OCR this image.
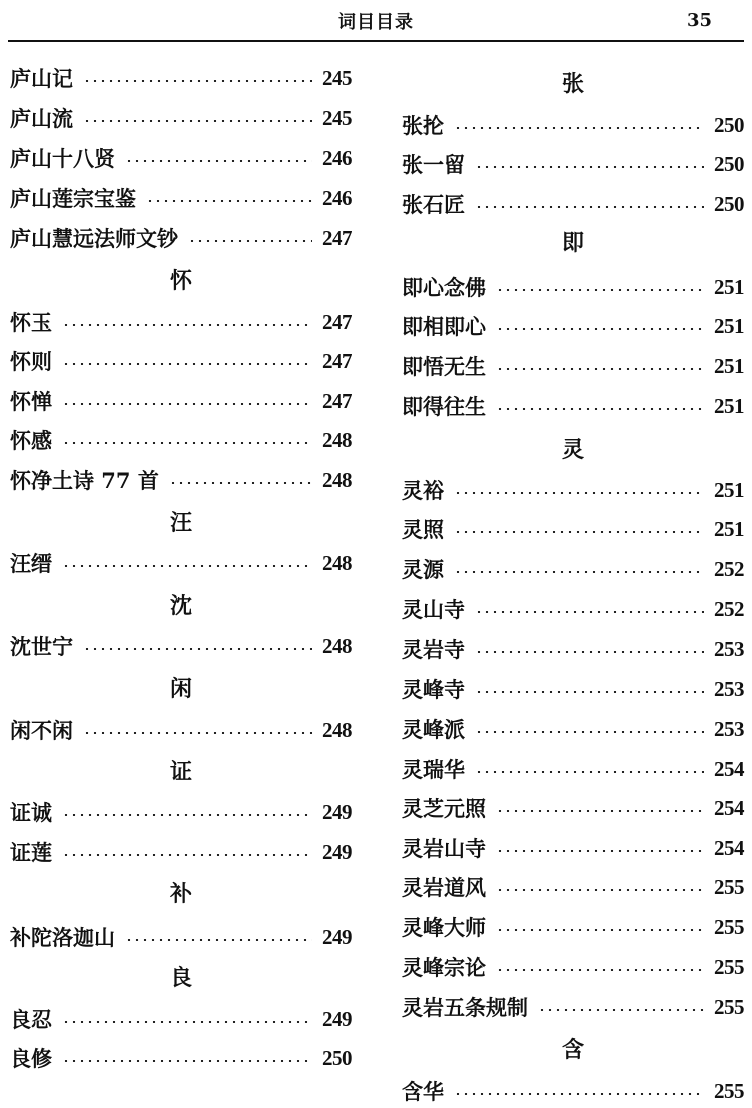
词目目录	35
庐山记	245
庐山流	245
庐山十八贤	246
庐山莲宗宝鉴	246
庐山慧远法师文钞	247
怀
怀玉	247
怀则	247
怀惮	247
怀感	248
怀净土诗 77 首	248
汪
汪缙	248
沈
沈世宁	248
闲
闲不闲	248
证
证诚	249
证莲	249
补
补陀洛迦山	249
良
良忍	249
良修	250
张
张抡	250
张一留	250
张石匠	250
即
即心念佛	251
即相即心	251
即悟无生	251
即得往生	251
灵
灵裕	251
灵照	251
灵源	252
灵山寺	252
灵岩寺	253
灵峰寺	253
灵峰派	253
灵瑞华	254
灵芝元照	254
灵岩山寺	254
灵岩道风	255
灵峰大师	255
灵峰宗论	255
灵岩五条规制	255
含
含华	255
